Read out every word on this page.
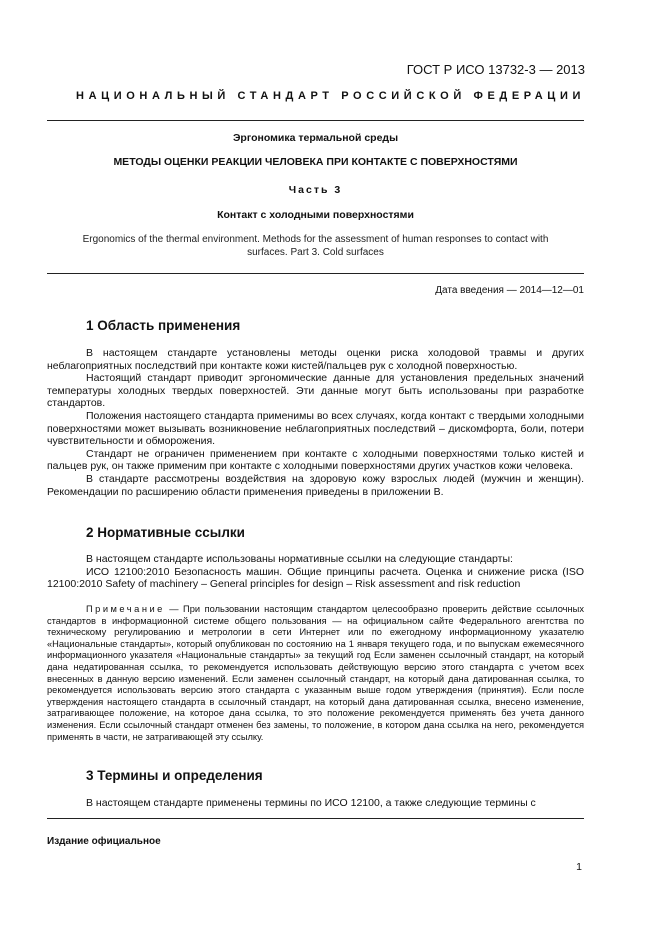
ГОСТ Р ИСО 13732-3 — 2013
НАЦИОНАЛЬНЫЙ СТАНДАРТ РОССИЙСКОЙ ФЕДЕРАЦИИ
Эргономика термальной среды
МЕТОДЫ ОЦЕНКИ РЕАКЦИИ ЧЕЛОВЕКА ПРИ КОНТАКТЕ С ПОВЕРХНОСТЯМИ
Часть 3
Контакт с холодными поверхностями
Ergonomics of the thermal environment. Methods for the assessment of human responses to contact with surfaces. Part 3. Cold surfaces
Дата введения — 2014—12—01
1 Область применения

В настоящем стандарте установлены методы оценки риска холодовой травмы и других неблагоприятных последствий при контакте кожи кистей/пальцев рук с холодной поверхностью.

Настоящий стандарт приводит эргономические данные для установления предельных значений температуры холодных твердых поверхностей. Эти данные могут быть использованы при разработке стандартов.

Положения настоящего стандарта применимы во всех случаях, когда контакт с твердыми холодными поверхностями может вызывать возникновение неблагоприятных последствий – дискомфорта, боли, потери чувствительности и обморожения.

Стандарт не ограничен применением при контакте с холодными поверхностями только кистей и пальцев рук, он также применим при контакте с холодными поверхностями других участков кожи человека.

В стандарте рассмотрены воздействия на здоровую кожу взрослых людей (мужчин и женщин). Рекомендации по расширению области применения приведены в приложении В.

2 Нормативные ссылки

В настоящем стандарте использованы нормативные ссылки на следующие стандарты:

ИСО 12100:2010 Безопасность машин. Общие принципы расчета. Оценка и снижение риска (ISO 12100:2010 Safety of machinery – General principles for design – Risk assessment and risk reduction

Примечание — При пользовании настоящим стандартом целесообразно проверить действие ссылочных стандартов в информационной системе общего пользования — на официальном сайте Федерального агентства по техническому регулированию и метрологии в сети Интернет или по ежегодному информационному указателю «Национальные стандарты», который опубликован по состоянию на 1 января текущего года, и по выпускам ежемесячного информационного указателя «Национальные стандарты» за текущий год Если заменен ссылочный стандарт, на который дана недатированная ссылка, то рекомендуется использовать действующую версию этого стандарта с учетом всех внесенных в данную версию изменений. Если заменен ссылочный стандарт, на который дана датированная ссылка, то рекомендуется использовать версию этого стандарта с указанным выше годом утверждения (принятия). Если после утверждения настоящего стандарта в ссылочный стандарт, на который дана датированная ссылка, внесено изменение, затрагивающее положение, на которое дана ссылка, то это положение рекомендуется применять без учета данного изменения. Если ссылочный стандарт отменен без замены, то положение, в котором дана ссылка на него, рекомендуется применять в части, не затрагивающей эту ссылку.

3 Термины и определения

В настоящем стандарте применены термины по ИСО 12100, а также следующие термины с

Издание официальное
1
